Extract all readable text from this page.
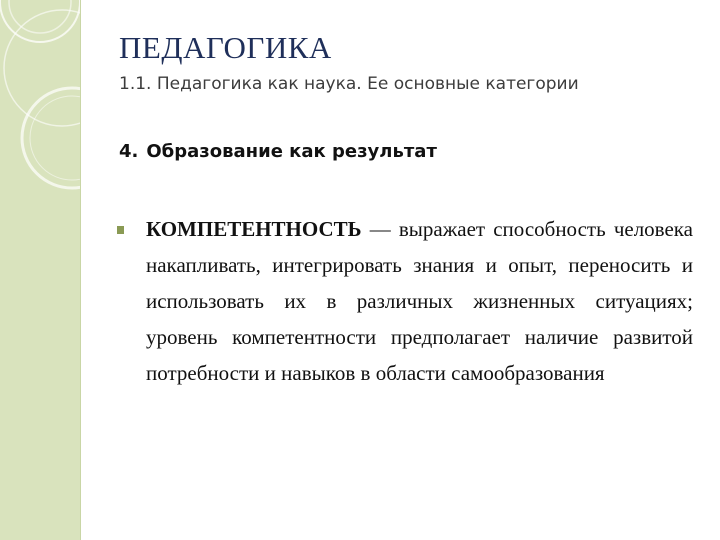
ПЕДАГОГИКА
1.1. Педагогика как наука. Ее основные категории
4. Образование как результат
КОМПЕТЕНТНОСТЬ — выражает способность человека накапливать, интегрировать знания и опыт, переносить и использовать их в различных жизненных ситуациях; уровень компетентности предполагает наличие развитой потребности и навыков в области самообразования
